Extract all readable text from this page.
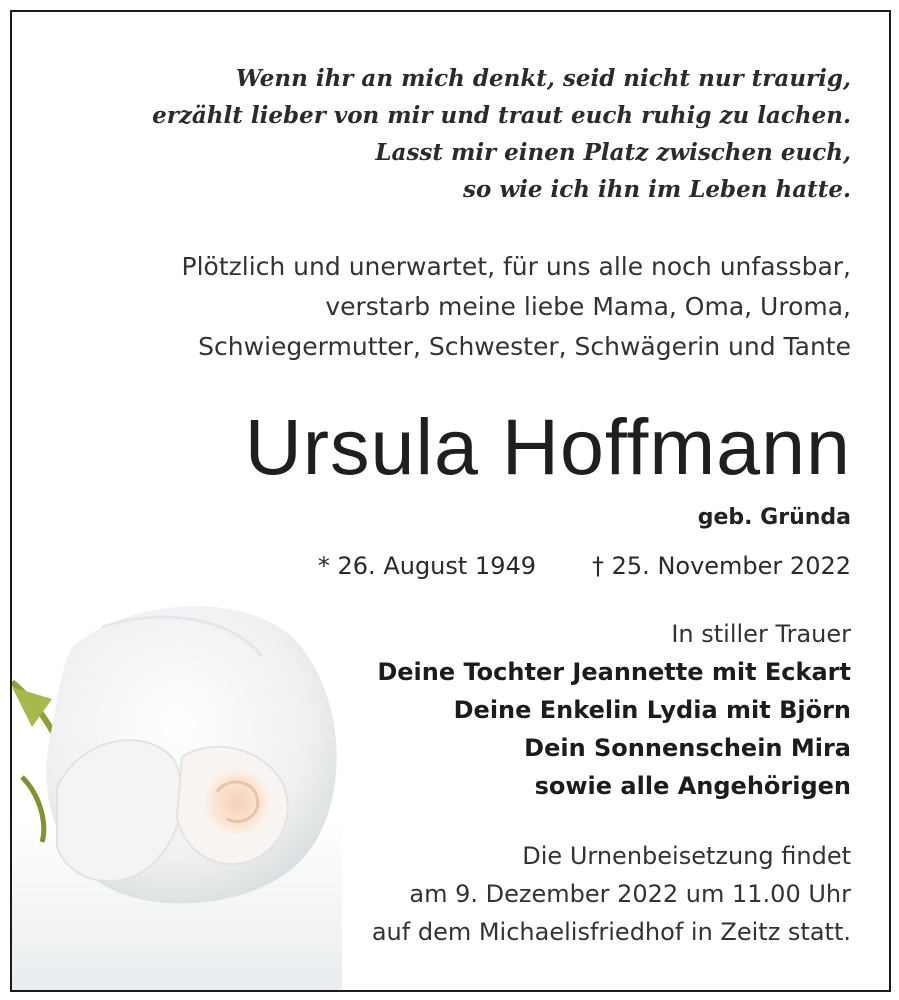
Wenn ihr an mich denkt, seid nicht nur traurig,
erzählt lieber von mir und traut euch ruhig zu lachen.
Lasst mir einen Platz zwischen euch,
so wie ich ihn im Leben hatte.
Plötzlich und unerwartet, für uns alle noch unfassbar,
verstarb meine liebe Mama, Oma, Uroma,
Schwiegermutter, Schwester, Schwägerin und Tante
Ursula Hoffmann
geb. Gründa
* 26. August 1949 † 25. November 2022
In stiller Trauer
Deine Tochter Jeannette mit Eckart
Deine Enkelin Lydia mit Björn
Dein Sonnenschein Mira
sowie alle Angehörigen
Die Urnenbeisetzung findet
am 9. Dezember 2022 um 11.00 Uhr
auf dem Michaelisfriedhof in Zeitz statt.
